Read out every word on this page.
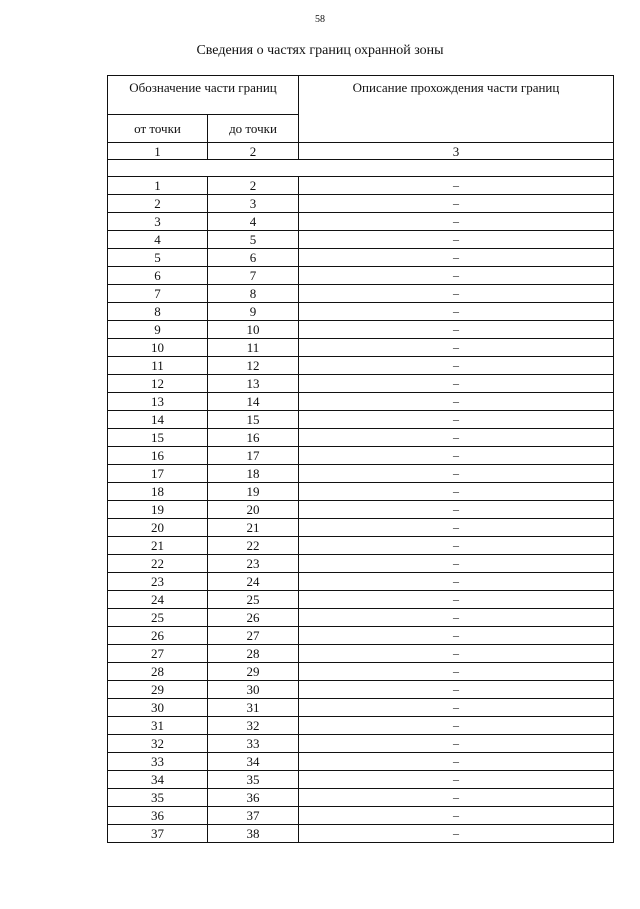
58
Сведения о частях границ охранной зоны
Обозначение части границ		Описание прохождения части границ
от точки	до точки	
1	2	3

1	2	–
2	3	–
3	4	–
4	5	–
5	6	–
6	7	–
7	8	–
8	9	–
9	10	–
10	11	–
11	12	–
12	13	–
13	14	–
14	15	–
15	16	–
16	17	–
17	18	–
18	19	–
19	20	–
20	21	–
21	22	–
22	23	–
23	24	–
24	25	–
25	26	–
26	27	–
27	28	–
28	29	–
29	30	–
30	31	–
31	32	–
32	33	–
33	34	–
34	35	–
35	36	–
36	37	–
37	38	–
